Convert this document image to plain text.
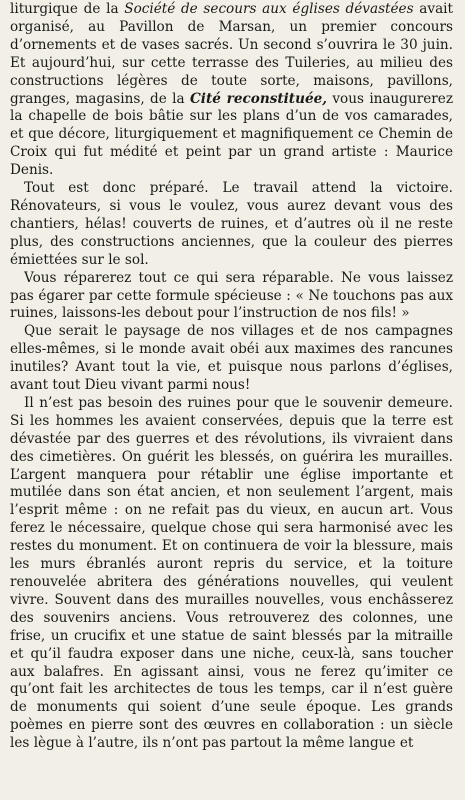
liturgique de la Société de secours aux églises dévastées avait organisé, au Pavillon de Marsan, un premier concours d’ornements et de vases sacrés. Un second s’ouvrira le 30 juin. Et aujourd’hui, sur cette terrasse des Tuileries, au milieu des constructions légères de toute sorte, maisons, pavillons, granges, magasins, de la Cité reconstituée, vous inaugurerez la chapelle de bois bâtie sur les plans d’un de vos camarades, et que décore, liturgiquement et magnifiquement ce Chemin de Croix qui fut médité et peint par un grand artiste : Maurice Denis.

Tout est donc préparé. Le travail attend la victoire. Rénovateurs, si vous le voulez, vous aurez devant vous des chantiers, hélas! couverts de ruines, et d’autres où il ne reste plus, des constructions anciennes, que la couleur des pierres émiettées sur le sol.

Vous réparerez tout ce qui sera réparable. Ne vous laissez pas égarer par cette formule spécieuse : « Ne touchons pas aux ruines, laissons-les debout pour l’instruction de nos fils! »

Que serait le paysage de nos villages et de nos campagnes elles-mêmes, si le monde avait obéi aux maximes des rancunes inutiles? Avant tout la vie, et puisque nous parlons d’églises, avant tout Dieu vivant parmi nous!

Il n’est pas besoin des ruines pour que le souvenir demeure. Si les hommes les avaient conservées, depuis que la terre est dévastée par des guerres et des révolutions, ils vivraient dans des cimetières. On guérit les blessés, on guérira les murailles. L’argent manquera pour rétablir une église importante et mutilée dans son état ancien, et non seulement l’argent, mais l’esprit même : on ne refait pas du vieux, en aucun art. Vous ferez le nécessaire, quelque chose qui sera harmonisé avec les restes du monument. Et on continuera de voir la blessure, mais les murs ébranlés auront repris du service, et la toiture renouvelée abritera des générations nouvelles, qui veulent vivre. Souvent dans des murailles nouvelles, vous enchâsserez des souvenirs anciens. Vous retrouverez des colonnes, une frise, un crucifix et une statue de saint blessés par la mitraille et qu’il faudra exposer dans une niche, ceux-là, sans toucher aux balafres. En agissant ainsi, vous ne ferez qu’imiter ce qu’ont fait les architectes de tous les temps, car il n’est guère de monuments qui soient d’une seule époque. Les grands poèmes en pierre sont des œuvres en collaboration : un siècle les lègue à l’autre, ils n’ont pas partout la même langue et
